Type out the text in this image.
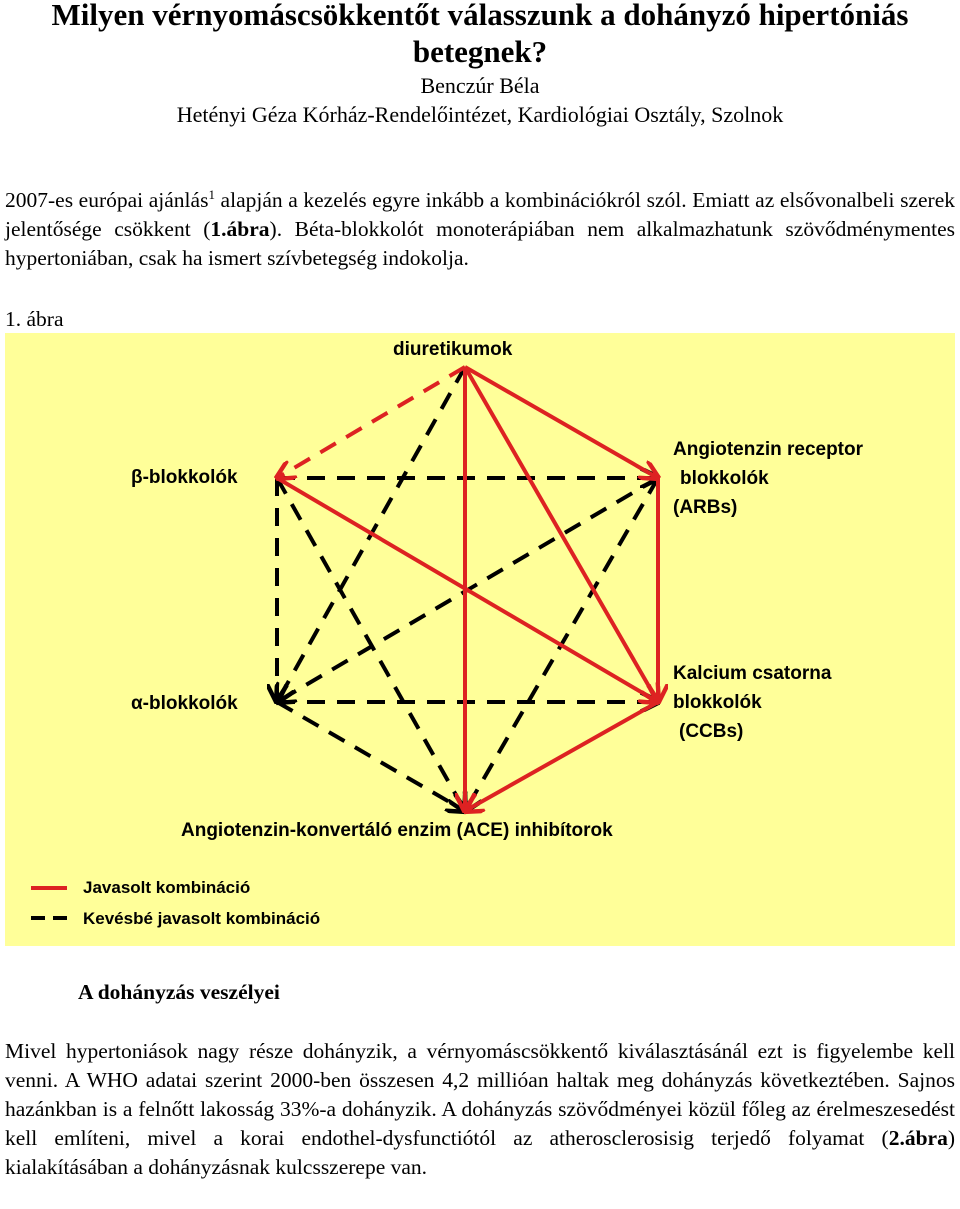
Milyen vérnyomáscsökkentőt válasszunk a dohányzó hipertóniás betegnek?
Benczúr Béla
Hetényi Géza Kórház-Rendelőintézet, Kardiológiai Osztály, Szolnok

2007-es európai ajánlás$^1$ alapján a kezelés egyre inkább a kombinációkról szól. Emiatt az elsővonalbeli szerek jelentősége csökkent (1.ábra). Béta-blokkolót monoterápiában nem alkalmazhatunk szövődménymentes hypertoniában, csak ha ismert szívbetegség indokolja.

1. ábra
diuretikumok
β-blokkolók
Angiotenzin receptor
blokkolók
(ARBs)
α-blokkolók
Kalcium csatorna
blokkolók
(CCBs)
Angiotenzin-konvertáló enzim (ACE) inhibítorok
Javasolt kombináció
Kevésbé javasolt kombináció
A dohányzás veszélyei

Mivel hypertoniások nagy része dohányzik, a vérnyomáscsökkentő kiválasztásánál ezt is figyelembe kell venni. A WHO adatai szerint 2000-ben összesen 4,2 millióan haltak meg dohányzás következtében. Sajnos hazánkban is a felnőtt lakosság 33%-a dohányzik. A dohányzás szövődményei közül főleg az érelmeszesedést kell említeni, mivel a korai endothel-dysfunctiótól az atherosclerosisig terjedő folyamat (2.ábra) kialakításában a dohányzásnak kulcsszerepe van.
